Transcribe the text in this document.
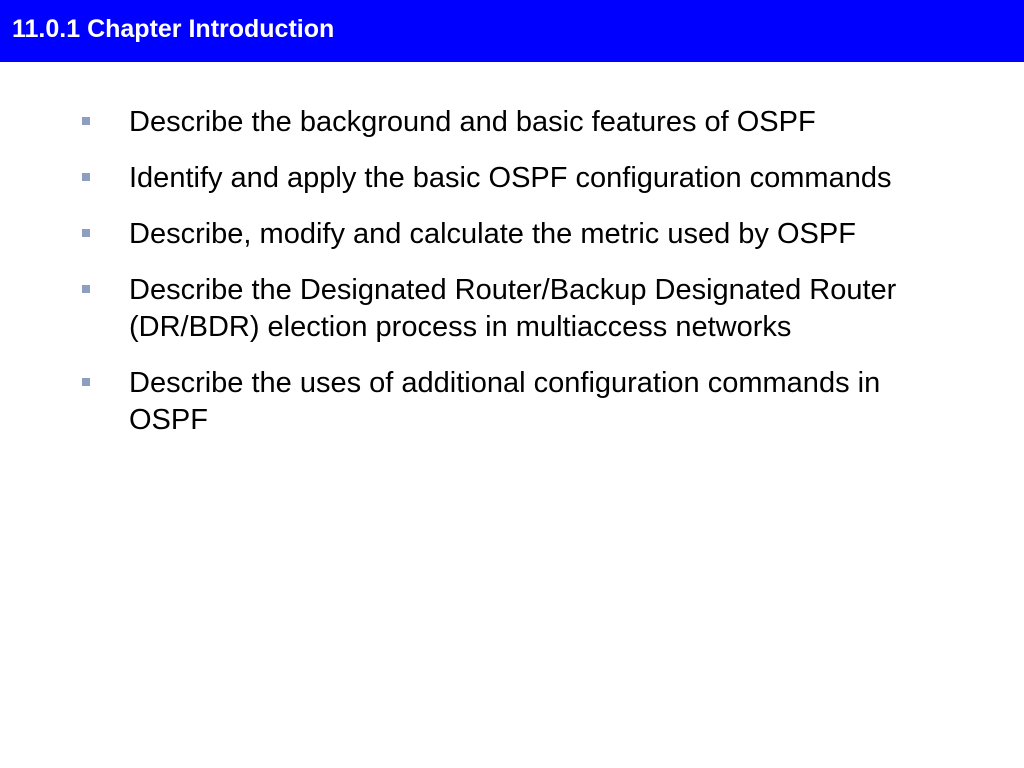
11.0.1 Chapter Introduction
Describe the background and basic features of OSPF
Identify and apply the basic OSPF configuration commands
Describe, modify and calculate the metric used by OSPF
Describe the Designated Router/Backup Designated Router (DR/BDR) election process in multiaccess networks
Describe the uses of additional configuration commands in OSPF
